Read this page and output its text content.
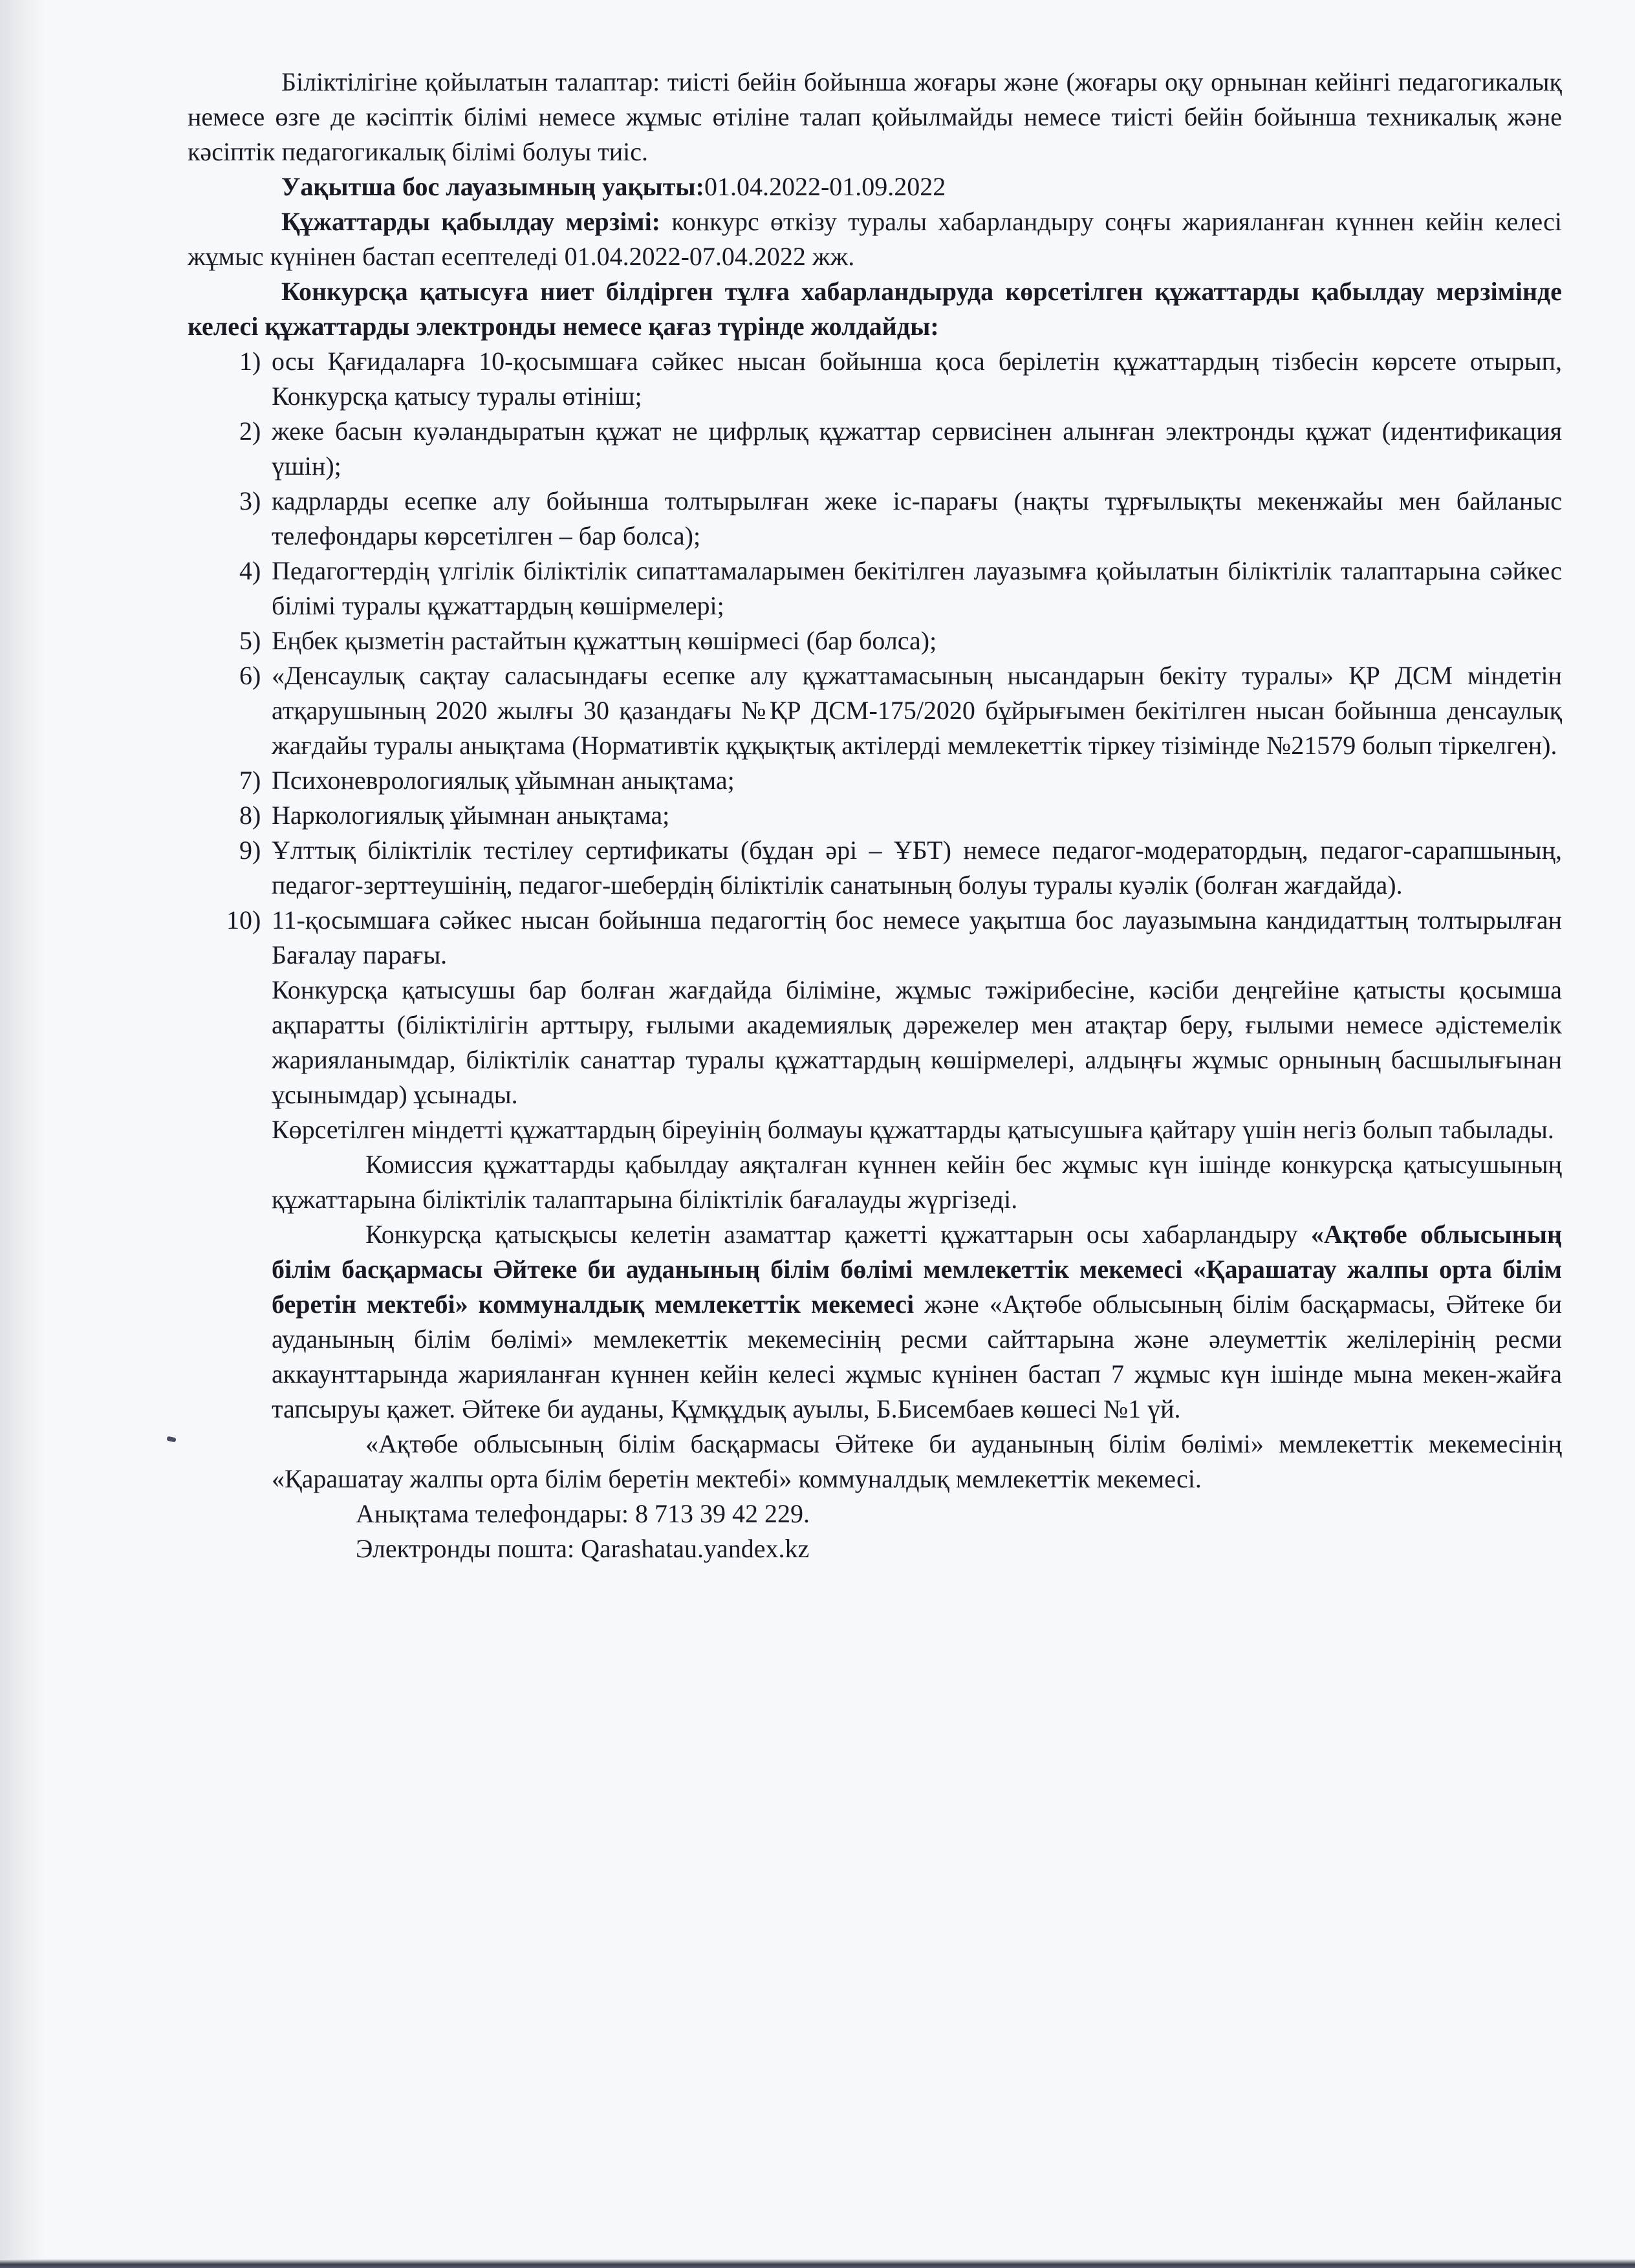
Біліктілігіне қойылатын талаптар: тиісті бейін бойынша жоғары және (жоғары оқу орнынан кейінгі педагогикалық немесе өзге де кәсіптік білімі немесе жұмыс өтіліне талап қойылмайды немесе тиісті бейін бойынша техникалық және кәсіптік педагогикалық білімі болуы тиіс.

Уақытша бос лауазымның уақыты:01.04.2022-01.09.2022

Құжаттарды қабылдау мерзімі: конкурс өткізу туралы хабарландыру соңғы жарияланған күннен кейін келесі жұмыс күнінен бастап есептеледі 01.04.2022-07.04.2022 жж.

Конкурсқа қатысуға ниет білдірген тұлға хабарландыруда көрсетілген құжаттарды қабылдау мерзімінде келесі құжаттарды электронды немесе қағаз түрінде жолдайды:

1) осы Қағидаларға 10-қосымшаға сәйкес нысан бойынша қоса берілетін құжаттардың тізбесін көрсете отырып, Конкурсқа қатысу туралы өтініш;
2) жеке басын куәландыратын құжат не цифрлық құжаттар сервисінен алынған электронды құжат (идентификация үшін);
3) кадрларды есепке алу бойынша толтырылған жеке іс-парағы (нақты тұрғылықты мекенжайы мен байланыс телефондары көрсетілген – бар болса);
4) Педагогтердің үлгілік біліктілік сипаттамаларымен бекітілген лауазымға қойылатын біліктілік талаптарына сәйкес білімі туралы құжаттардың көшірмелері;
5) Еңбек қызметін растайтын құжаттың көшірмесі (бар болса);
6) «Денсаулық сақтау саласындағы есепке алу құжаттамасының нысандарын бекіту туралы» ҚР ДСМ міндетін атқарушының 2020 жылғы 30 қазандағы №ҚР ДСМ-175/2020 бұйрығымен бекітілген нысан бойынша денсаулық жағдайы туралы анықтама (Нормативтік құқықтық актілерді мемлекеттік тіркеу тізімінде №21579 болып тіркелген).
7) Психоневрологиялық ұйымнан анықтама;
8) Наркологиялық ұйымнан анықтама;
9) Ұлттық біліктілік тестілеу сертификаты (бұдан әрі – ҰБТ) немесе педагог-модератордың, педагог-сарапшының, педагог-зерттеушінің, педагог-шебердің біліктілік санатының болуы туралы куәлік (болған жағдайда).
10) 11-қосымшаға сәйкес нысан бойынша педагогтің бос немесе уақытша бос лауазымына кандидаттың толтырылған Бағалау парағы.

Конкурсқа қатысушы бар болған жағдайда біліміне, жұмыс тәжірибесіне, кәсіби деңгейіне қатысты қосымша ақпаратты (біліктілігін арттыру, ғылыми академиялық дәрежелер мен атақтар беру, ғылыми немесе әдістемелік жарияланымдар, біліктілік санаттар туралы құжаттардың көшірмелері, алдыңғы жұмыс орнының басшылығынан ұсынымдар) ұсынады.

Көрсетілген міндетті құжаттардың біреуінің болмауы құжаттарды қатысушыға қайтару үшін негіз болып табылады.

Комиссия құжаттарды қабылдау аяқталған күннен кейін бес жұмыс күн ішінде конкурсқа қатысушының құжаттарына біліктілік талаптарына біліктілік бағалауды жүргізеді.

Конкурсқа қатысқысы келетін азаматтар қажетті құжаттарын осы хабарландыру «Ақтөбе облысының білім басқармасы Әйтеке би ауданының білім бөлімі мемлекеттік мекемесі «Қарашатау жалпы орта білім беретін мектебі» коммуналдық мемлекеттік мекемесі және «Ақтөбе облысының білім басқармасы, Әйтеке би ауданының білім бөлімі» мемлекеттік мекемесінің ресми сайттарына және әлеуметтік желілерінің ресми аккаунттарында жарияланған күннен кейін келесі жұмыс күнінен бастап 7 жұмыс күн ішінде мына мекен-жайға тапсыруы қажет. Әйтеке би ауданы, Құмқұдық ауылы, Б.Бисембаев көшесі №1 үй.

«Ақтөбе облысының білім басқармасы Әйтеке би ауданының білім бөлімі» мемлекеттік мекемесінің «Қарашатау жалпы орта білім беретін мектебі» коммуналдық мемлекеттік мекемесі.

Анықтама телефондары: 8 713 39 42 229.

Электронды пошта: Qarashatau.yandex.kz
